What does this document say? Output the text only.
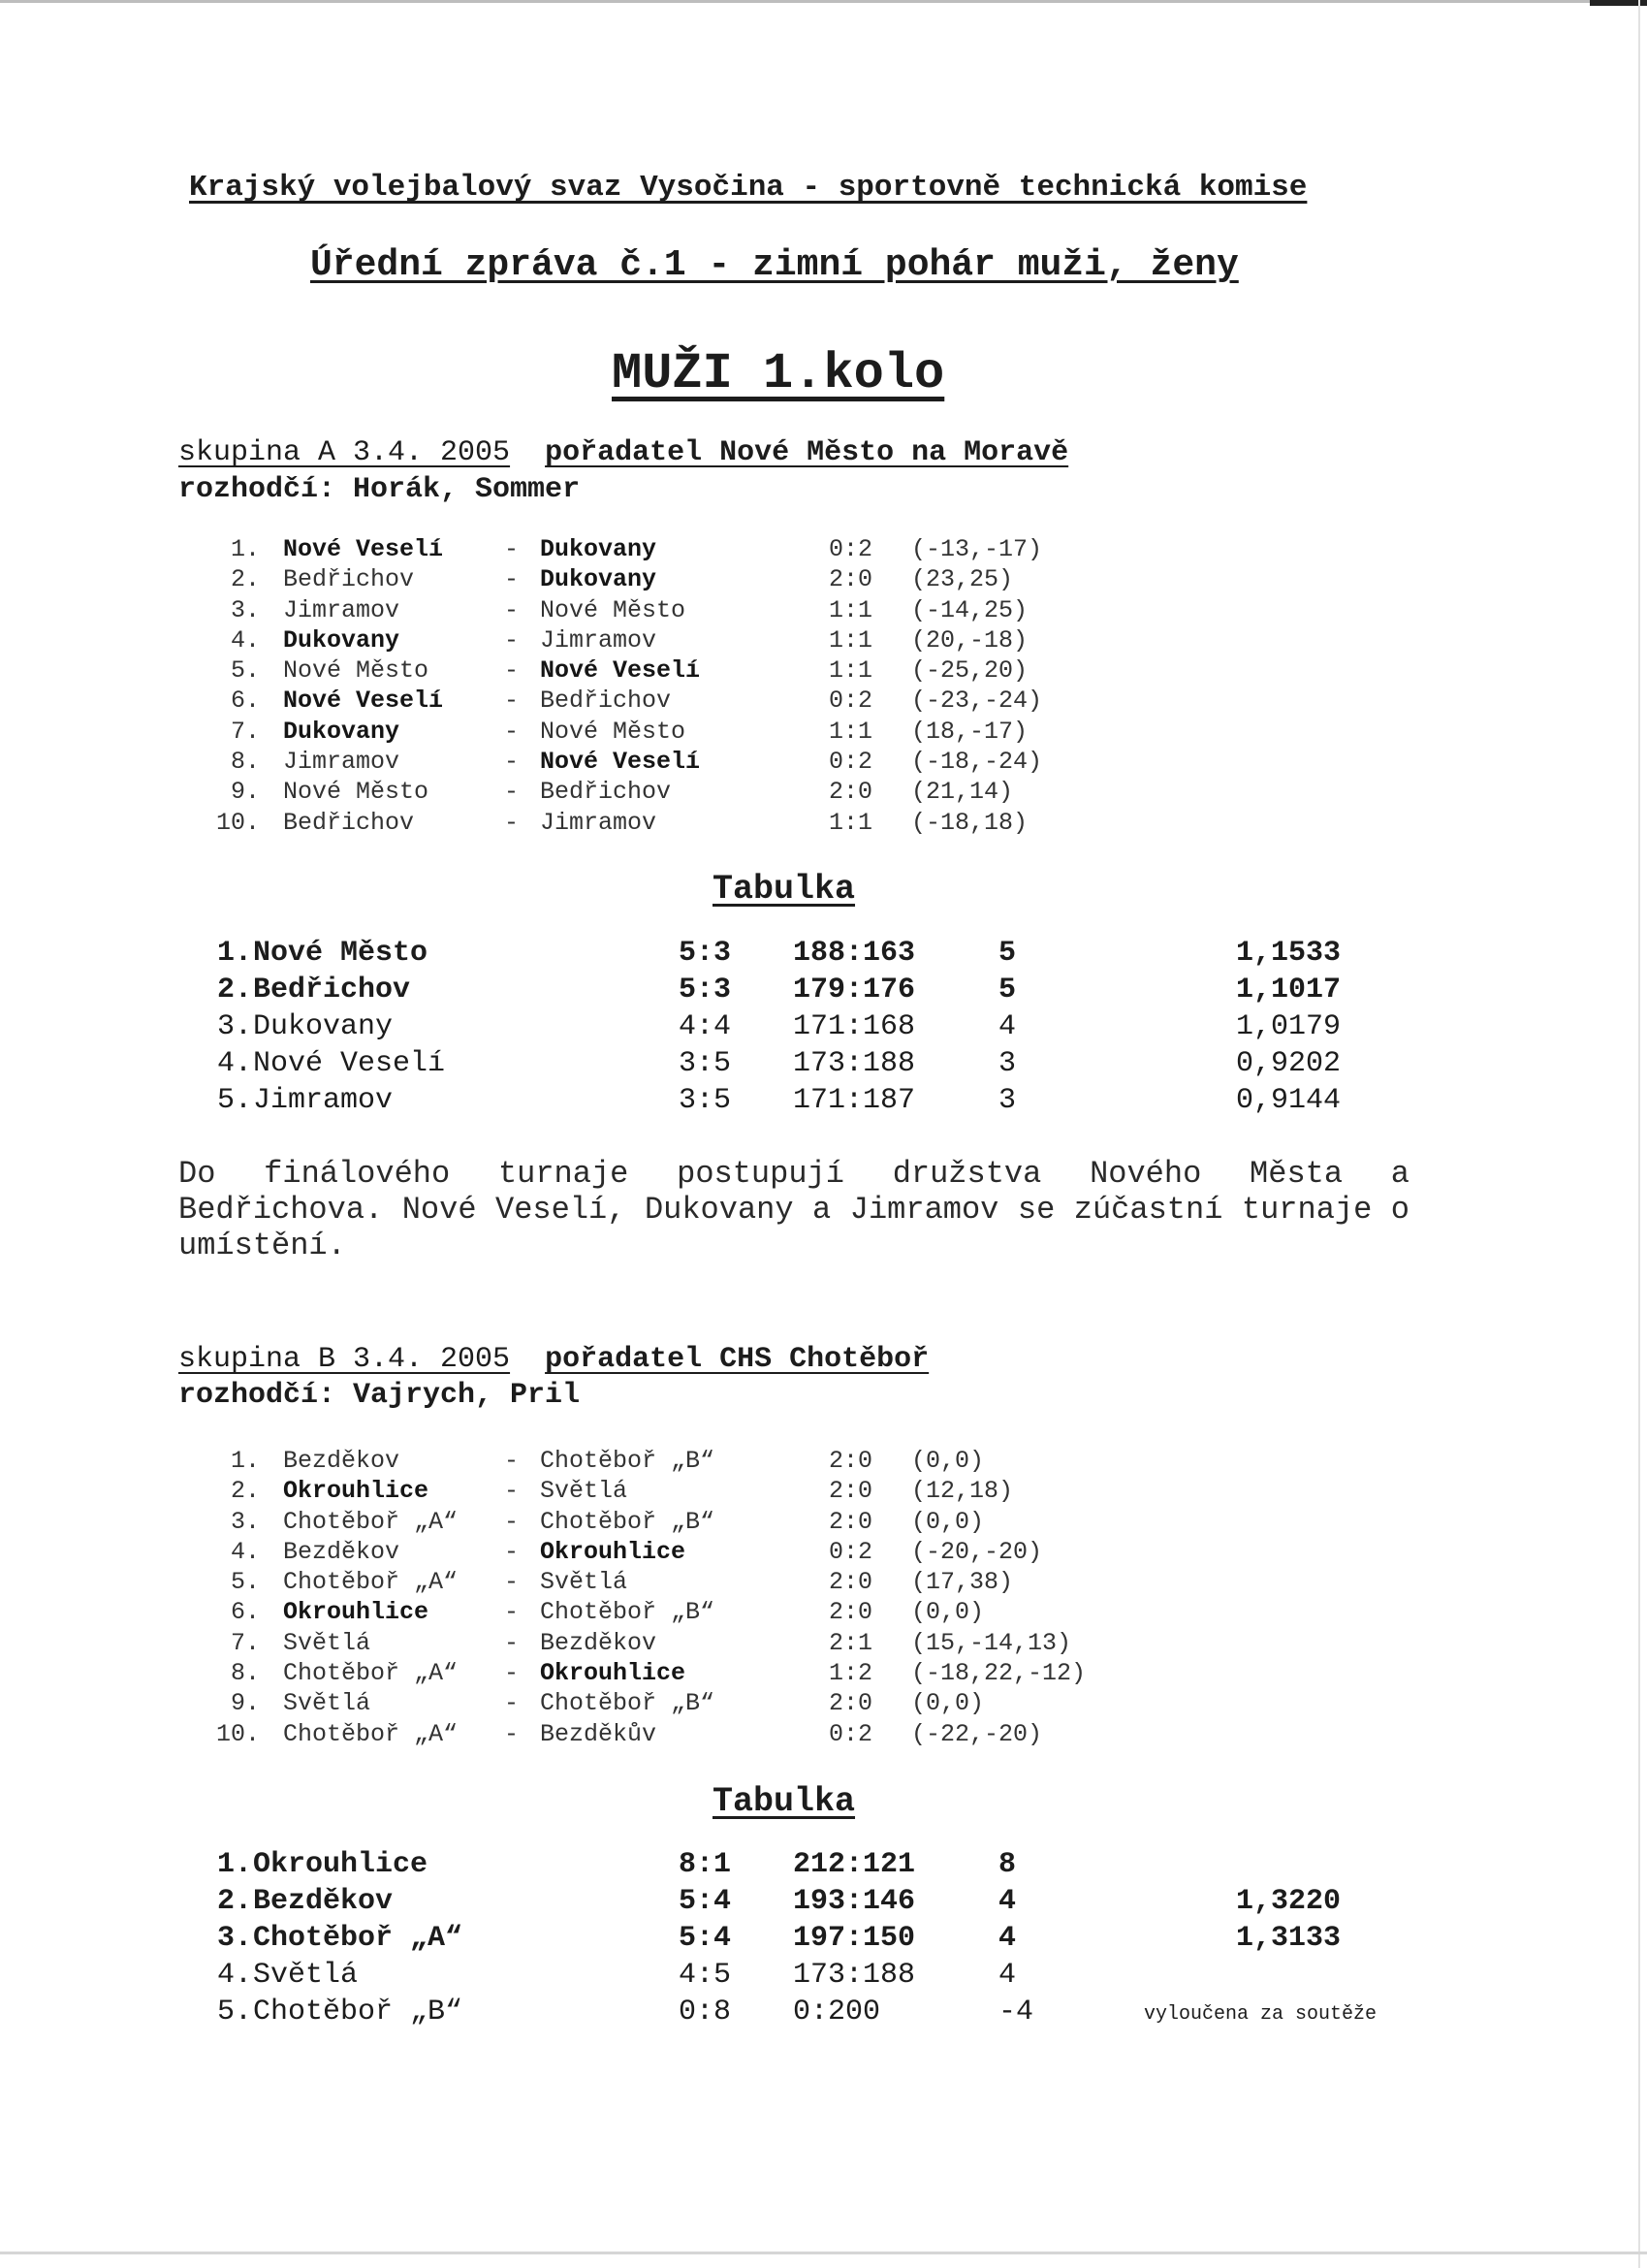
Krajský volejbalový svaz Vysočina - sportovně technická komise
Úřední zpráva č.1 - zimní pohár muži, ženy
MUŽI 1.kolo
skupina A 3.4. 2005 pořadatel Nové Město na Moravě
rozhodčí: Horák, Sommer
1. Nové Veselí	- Dukovany	0:2 (-13,-17)
2. Bedřichov	- Dukovany	2:0 (23,25)
3. Jimramov	- Nové Město	1:1 (-14,25)
4. Dukovany	- Jimramov	1:1 (20,-18)
5. Nové Město	- Nové Veselí	1:1 (-25,20)
6. Nové Veselí	- Bedřichov	0:2 (-23,-24)
7. Dukovany	- Nové Město	1:1 (18,-17)
8. Jimramov	- Nové Veselí	0:2 (-18,-24)
9. Nové Město	- Bedřichov	2:0 (21,14)
10. Bedřichov	- Jimramov	1:1 (-18,18)
Tabulka
1. Nové Město	5:3 188:163	5	1,1533
2. Bedřichov	5:3 179:176	5	1,1017
3. Dukovany	4:4 171:168	4	1,0179
4. Nové Veselí	3:5 173:188	3	0,9202
5. Jimramov	3:5 171:187	3	0,9144
Do finálového turnaje postupují družstva Nového Města a Bedřichova. Nové Veselí, Dukovany a Jimramov se zúčastní turnaje o umístění.
skupina B 3.4. 2005 pořadatel CHS Chotěboř
rozhodčí: Vajrych, Pril
1. Bezděkov	- Chotěboř „B“	2:0 (0,0)
2. Okrouhlice	- Světlá	2:0 (12,18)
3. Chotěboř „A“ - Chotěboř „B“	2:0 (0,0)
4. Bezděkov	- Okrouhlice	0:2 (-20,-20)
5. Chotěboř „A“ - Světlá	2:0 (17,38)
6. Okrouhlice	- Chotěboř „B“	2:0 (0,0)
7. Světlá	- Bezděkov	2:1 (15,-14,13)
8. Chotěboř „A“ - Okrouhlice	1:2 (-18,22,-12)
9. Světlá	- Chotěboř „B“	2:0 (0,0)
10. Chotěboř „A“ - Bezděkův	0:2 (-22,-20)
Tabulka
1. Okrouhlice	8:1 212:121	8
2. Bezděkov	5:4 193:146	4	1,3220
3. Chotěboř „A“	5:4 197:150	4	1,3133
4. Světlá	4:5 173:188	4
5. Chotěboř „B“	0:8 0:200	-4	vyloučena za soutěže
